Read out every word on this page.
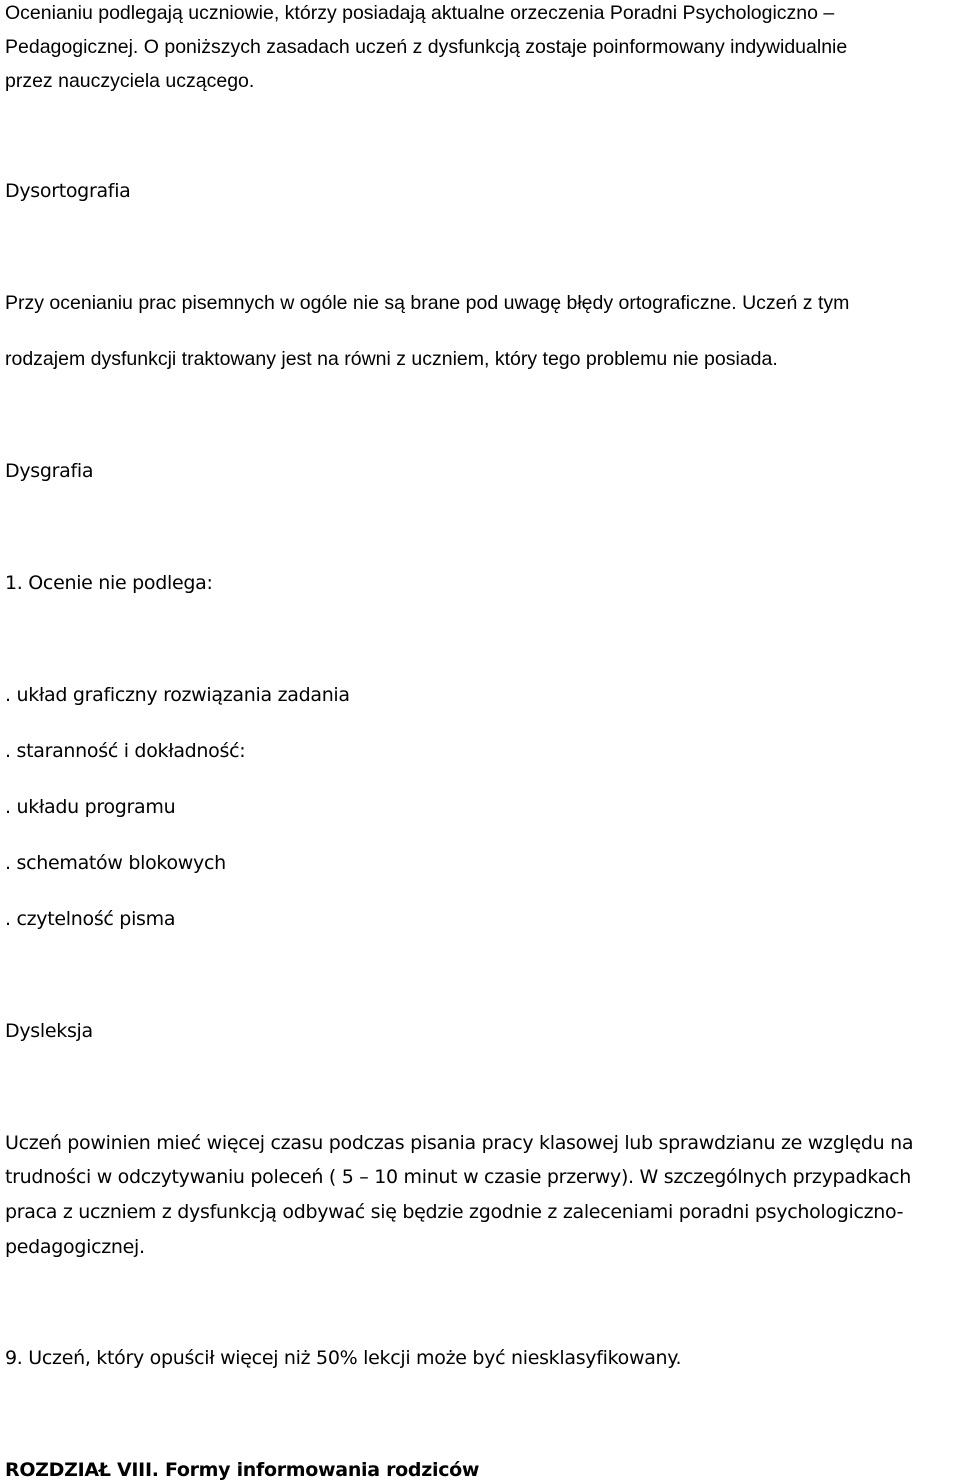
Ocenianiu podlegają uczniowie, którzy posiadają aktualne orzeczenia Poradni Psychologiczno –
Pedagogicznej. O poniższych zasadach uczeń z dysfunkcją zostaje poinformowany indywidualnie
przez nauczyciela uczącego.
Dysortografia
Przy ocenianiu prac pisemnych w ogóle nie są brane pod uwagę błędy ortograficzne. Uczeń z tym
rodzajem dysfunkcji traktowany jest na równi z uczniem, który tego problemu nie posiada.
Dysgrafia
1. Ocenie nie podlega:
. układ graficzny rozwiązania zadania
. staranność i dokładność:
. układu programu
. schematów blokowych
. czytelność pisma
Dysleksja
Uczeń powinien mieć więcej czasu podczas pisania pracy klasowej lub sprawdzianu ze względu na
trudności w odczytywaniu poleceń ( 5 – 10 minut w czasie przerwy). W szczególnych przypadkach
praca z uczniem z dysfunkcją odbywać się będzie zgodnie z zaleceniami poradni psychologiczno-
pedagogicznej.
9. Uczeń, który opuścił więcej niż 50% lekcji może być niesklasyfikowany.
ROZDZIAŁ VIII. Formy informowania rodziców
